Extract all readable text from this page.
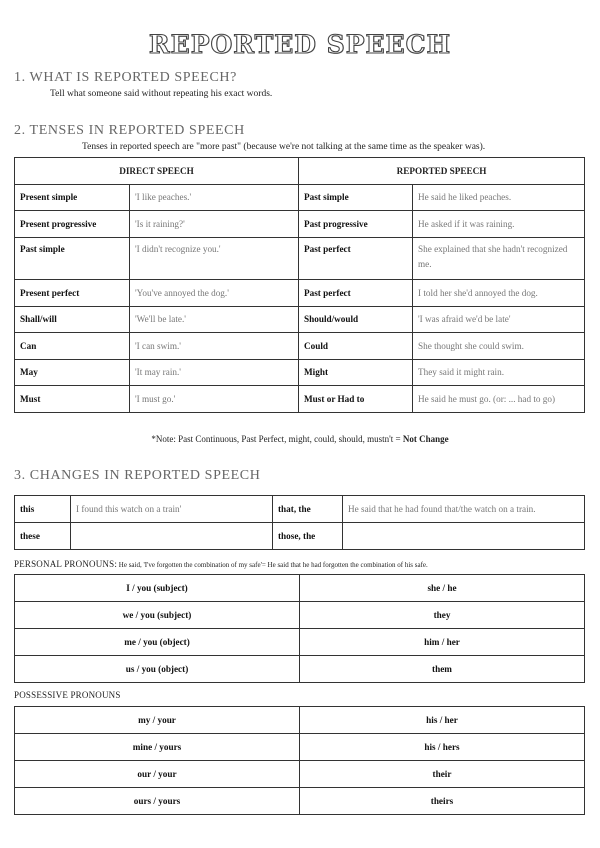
REPORTED SPEECH
1. WHAT IS REPORTED SPEECH?
Tell what someone said without repeating his exact words.
2. TENSES IN REPORTED SPEECH
Tenses in reported speech are "more past" (because we're not talking at the same time as the speaker was).
DIRECT SPEECH		REPORTED SPEECH	
Present simple	'I like peaches.'	Past simple	He said he liked peaches.
Present progressive	'Is it raining?'	Past progressive	He asked if it was raining.
Past simple	'I didn't recognize you.'	Past perfect	She explained that she hadn't recognized me.
Present perfect	'You've annoyed the dog.'	Past perfect	I told her she'd annoyed the dog.
Shall/will	'We'll be late.'	Should/would	'I was afraid we'd be late'
Can	'I can swim.'	Could	She thought she could swim.
May	'It may rain.'	Might	They said it might rain.
Must	'I must go.'	Must or Had to	He said he must go. (or: ... had to go)
*Note: Past Continuous, Past Perfect, might, could, should, mustn't = Not Change
3. CHANGES IN REPORTED SPEECH
this	I found this watch on a train'	that, the	He said that he had found that/the watch on a train.
these		those, the	
PERSONAL PRONOUNS: He said, 'I've forgotten the combination of my safe'= He said that he had forgotten the combination of his safe.
I / you (subject)	she / he
we / you (subject)	they
me / you (object)	him / her
us / you (object)	them
POSSESSIVE PRONOUNS
my / your	his / her
mine / yours	his / hers
our / your	their
ours / yours	theirs
